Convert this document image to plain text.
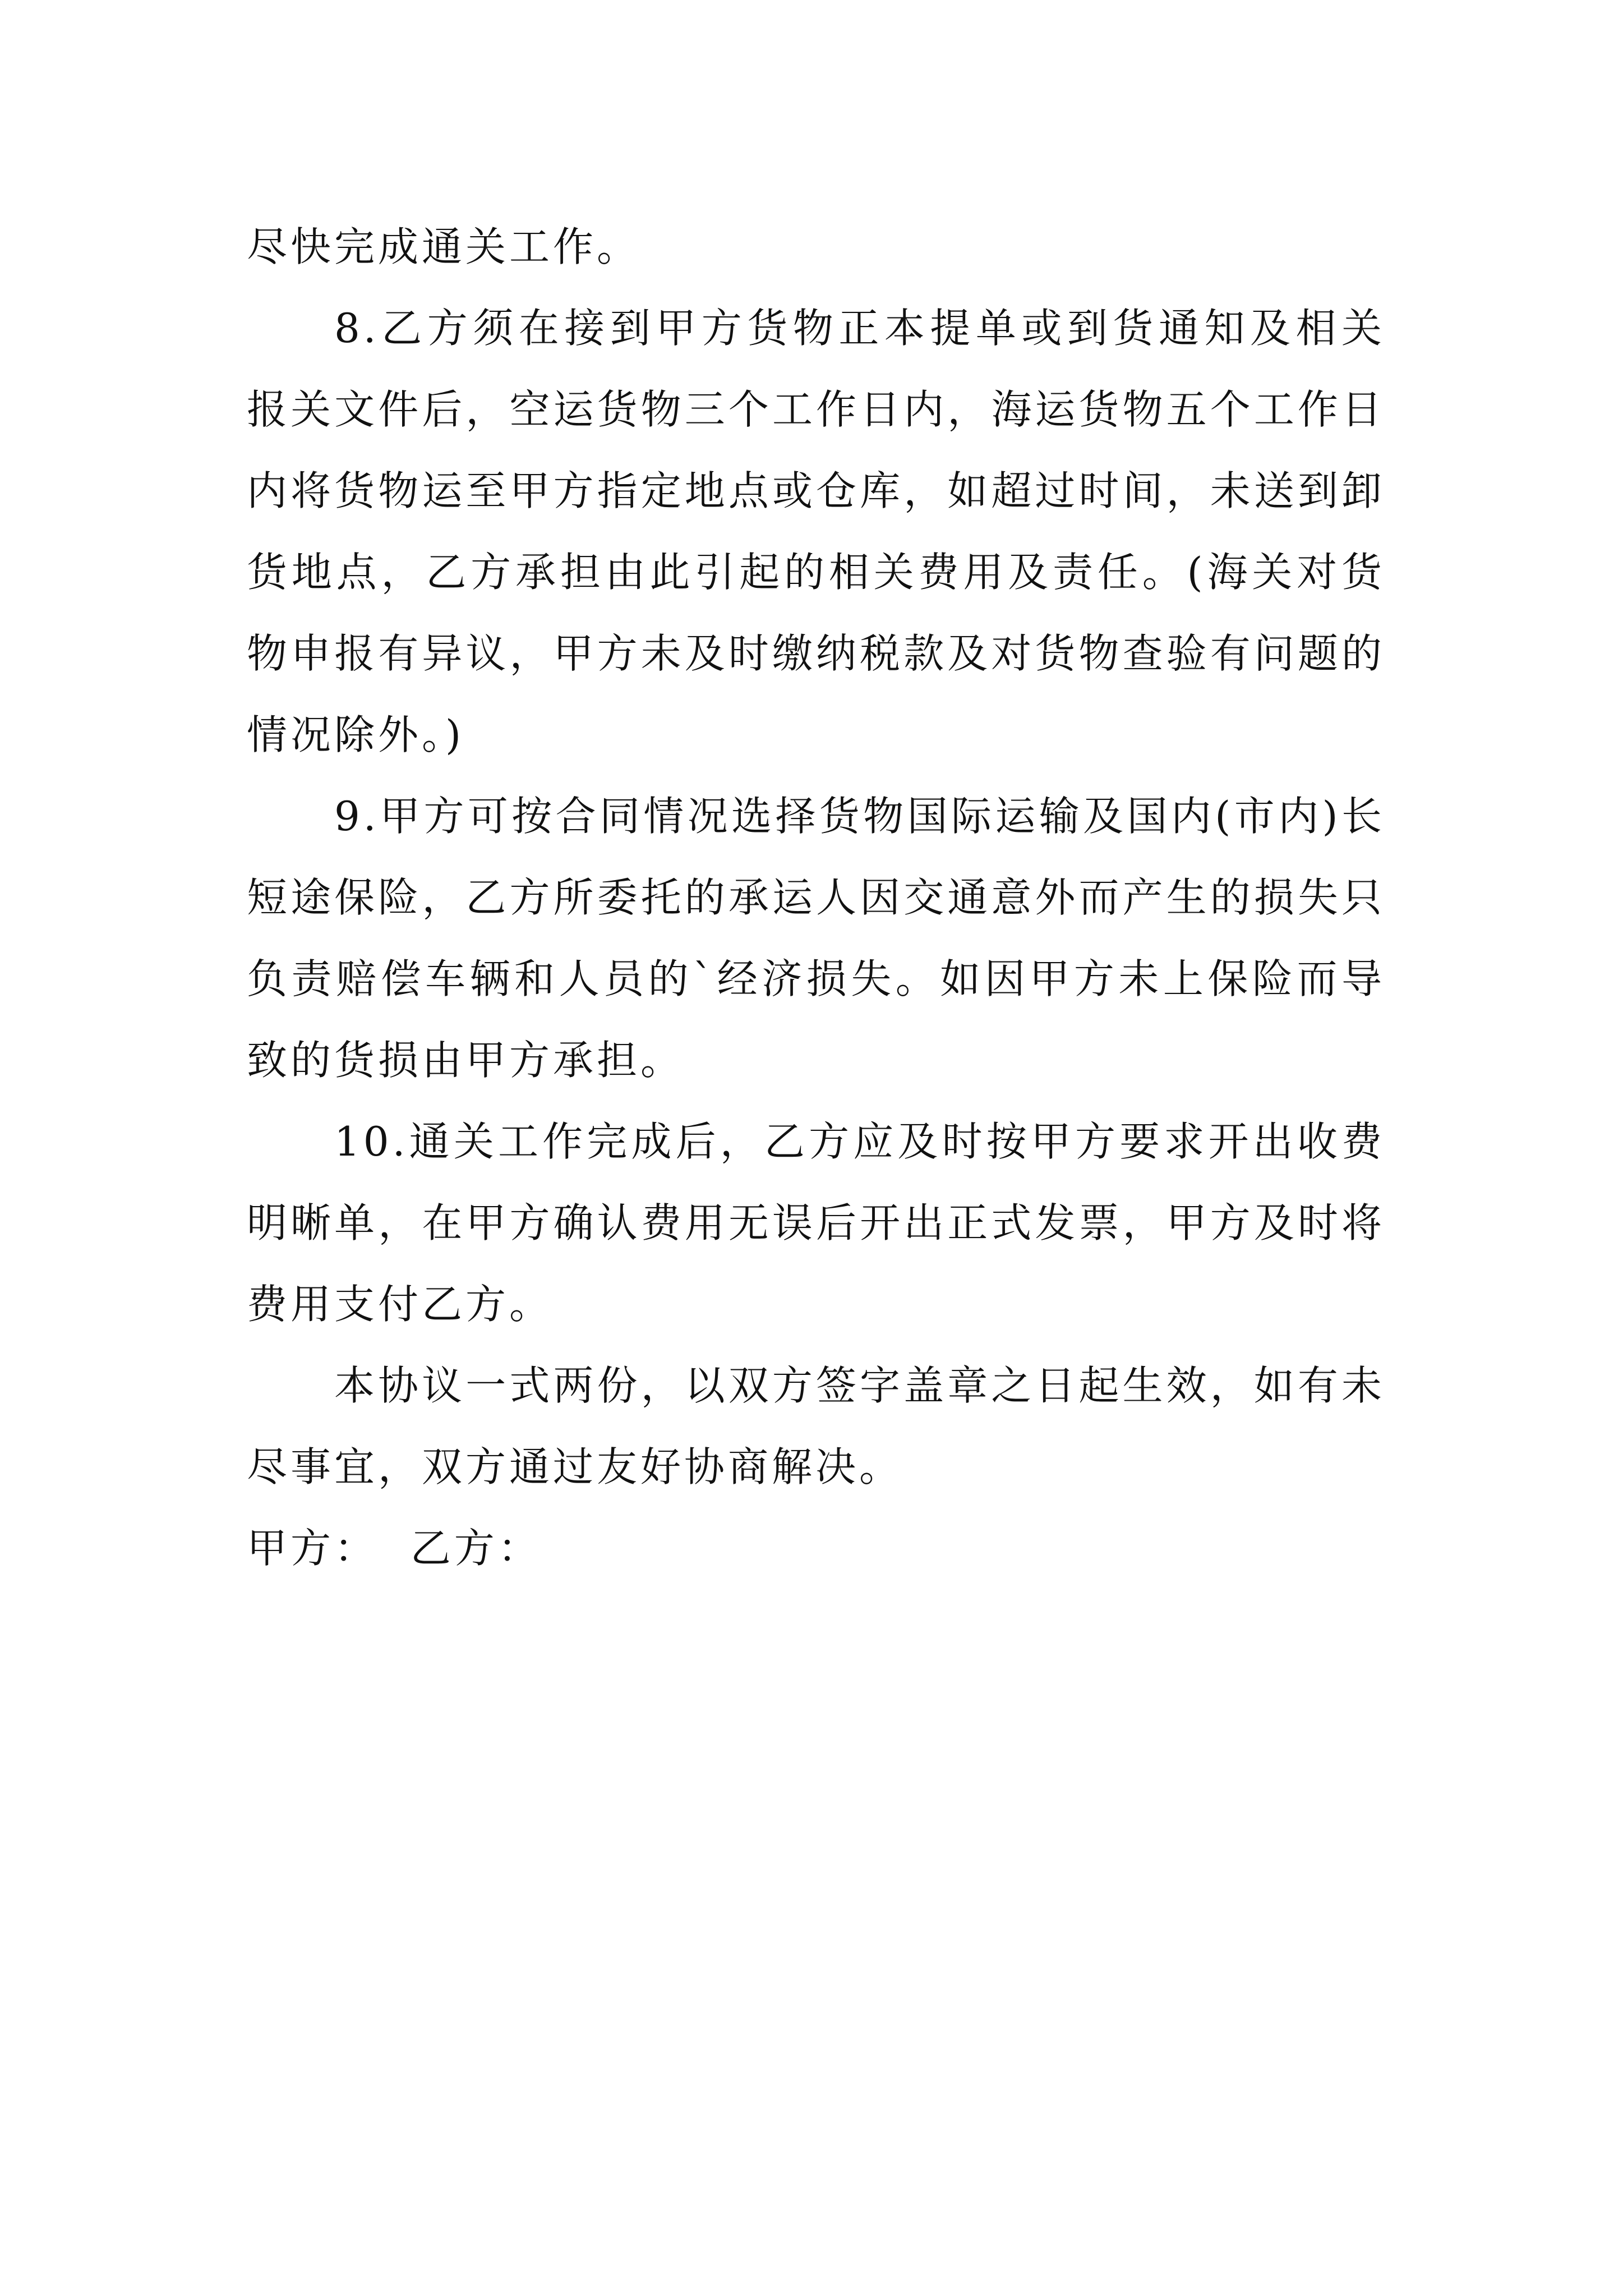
尽快完成通关工作。

8.乙方须在接到甲方货物正本提单或到货通知及相关报关文件后，空运货物三个工作日内，海运货物五个工作日内将货物运至甲方指定地点或仓库，如超过时间，未送到卸货地点，乙方承担由此引起的相关费用及责任。(海关对货物申报有异议，甲方未及时缴纳税款及对货物查验有问题的情况除外。)

9.甲方可按合同情况选择货物国际运输及国内(市内)长短途保险，乙方所委托的承运人因交通意外而产生的损失只负责赔偿车辆和人员的`经济损失。如因甲方未上保险而导致的货损由甲方承担。

10.通关工作完成后，乙方应及时按甲方要求开出收费明晰单，在甲方确认费用无误后开出正式发票，甲方及时将费用支付乙方。

本协议一式两份，以双方签字盖章之日起生效，如有未尽事宜，双方通过友好协商解决。

甲方： 乙方：
